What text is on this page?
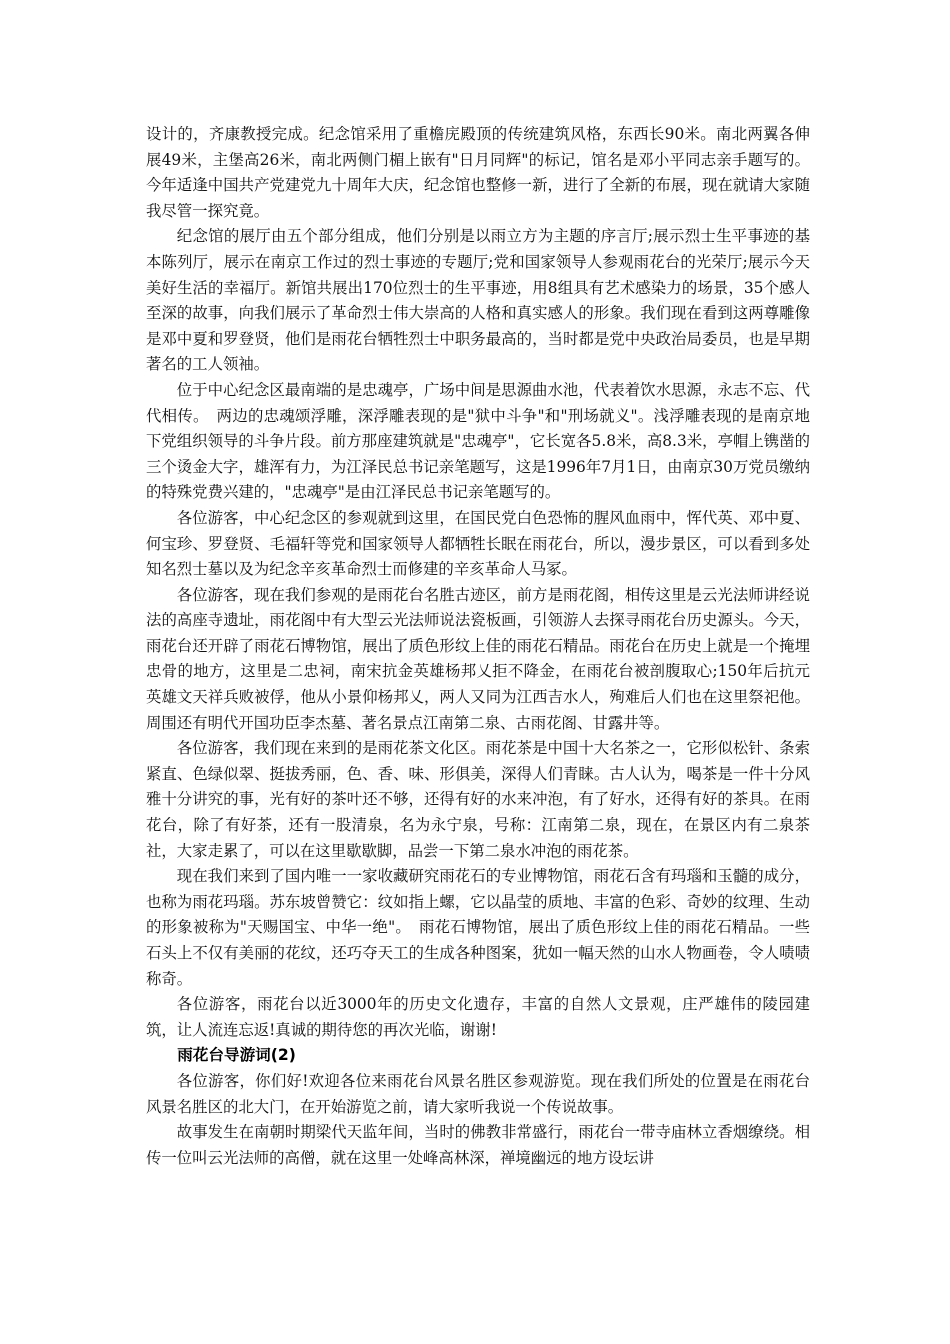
设计的，齐康教授完成。纪念馆采用了重檐庑殿顶的传统建筑风格，东西长90米。南北两翼各伸展49米，主堡高26米，南北两侧门楣上嵌有"日月同辉"的标记，馆名是邓小平同志亲手题写的。今年适逢中国共产党建党九十周年大庆，纪念馆也整修一新，进行了全新的布展，现在就请大家随我尽管一探究竟。

纪念馆的展厅由五个部分组成，他们分别是以雨立方为主题的序言厅;展示烈士生平事迹的基本陈列厅，展示在南京工作过的烈士事迹的专题厅;党和国家领导人参观雨花台的光荣厅;展示今天美好生活的幸福厅。新馆共展出170位烈士的生平事迹，用8组具有艺术感染力的场景，35个感人至深的故事，向我们展示了革命烈士伟大崇高的人格和真实感人的形象。我们现在看到这两尊雕像是邓中夏和罗登贤，他们是雨花台牺牲烈士中职务最高的，当时都是党中央政治局委员，也是早期著名的工人领袖。

位于中心纪念区最南端的是忠魂亭，广场中间是思源曲水池，代表着饮水思源，永志不忘、代代相传。　两边的忠魂颂浮雕，深浮雕表现的是"狱中斗争"和"刑场就义"。浅浮雕表现的是南京地下党组织领导的斗争片段。前方那座建筑就是"忠魂亭"，它长宽各5.8米，高8.3米，亭帽上镌凿的三个烫金大字，雄浑有力，为江泽民总书记亲笔题写，这是1996年7月1日，由南京30万党员缴纳的特殊党费兴建的，"忠魂亭"是由江泽民总书记亲笔题写的。

各位游客，中心纪念区的参观就到这里，在国民党白色恐怖的腥风血雨中，恽代英、邓中夏、何宝珍、罗登贤、毛福轩等党和国家领导人都牺牲长眠在雨花台，所以，漫步景区，可以看到多处知名烈士墓以及为纪念辛亥革命烈士而修建的辛亥革命人马冢。

各位游客，现在我们参观的是雨花台名胜古迹区，前方是雨花阁，相传这里是云光法师讲经说法的高座寺遗址，雨花阁中有大型云光法师说法瓷板画，引领游人去探寻雨花台历史源头。今天，雨花台还开辟了雨花石博物馆，展出了质色形纹上佳的雨花石精品。雨花台在历史上就是一个掩埋忠骨的地方，这里是二忠祠，南宋抗金英雄杨邦乂拒不降金，在雨花台被剖腹取心;150年后抗元英雄文天祥兵败被俘，他从小景仰杨邦乂，两人又同为江西吉水人，殉难后人们也在这里祭祀他。周围还有明代开国功臣李杰墓、著名景点江南第二泉、古雨花阁、甘露井等。

各位游客，我们现在来到的是雨花茶文化区。雨花茶是中国十大名茶之一，它形似松针、条索紧直、色绿似翠、挺拔秀丽，色、香、味、形俱美，深得人们青睐。古人认为，喝茶是一件十分风雅十分讲究的事，光有好的茶叶还不够，还得有好的水来冲泡，有了好水，还得有好的茶具。在雨花台，除了有好茶，还有一股清泉，名为永宁泉，号称：江南第二泉，现在，在景区内有二泉茶社，大家走累了，可以在这里歇歇脚，品尝一下第二泉水冲泡的雨花茶。

现在我们来到了国内唯一一家收藏研究雨花石的专业博物馆，雨花石含有玛瑙和玉髓的成分，也称为雨花玛瑙。苏东坡曾赞它：纹如指上螺，它以晶莹的质地、丰富的色彩、奇妙的纹理、生动的形象被称为"天赐国宝、中华一绝"。　雨花石博物馆，展出了质色形纹上佳的雨花石精品。一些石头上不仅有美丽的花纹，还巧夺天工的生成各种图案，犹如一幅天然的山水人物画卷，令人啧啧称奇。

各位游客，雨花台以近3000年的历史文化遗存，丰富的自然人文景观，庄严雄伟的陵园建筑，让人流连忘返!真诚的期待您的再次光临，谢谢!

雨花台导游词(2)

各位游客，你们好!欢迎各位来雨花台风景名胜区参观游览。现在我们所处的位置是在雨花台风景名胜区的北大门，在开始游览之前，请大家听我说一个传说故事。

故事发生在南朝时期梁代天监年间，当时的佛教非常盛行，雨花台一带寺庙林立香烟缭绕。相传一位叫云光法师的高僧，就在这里一处峰高林深，禅境幽远的地方设坛讲
